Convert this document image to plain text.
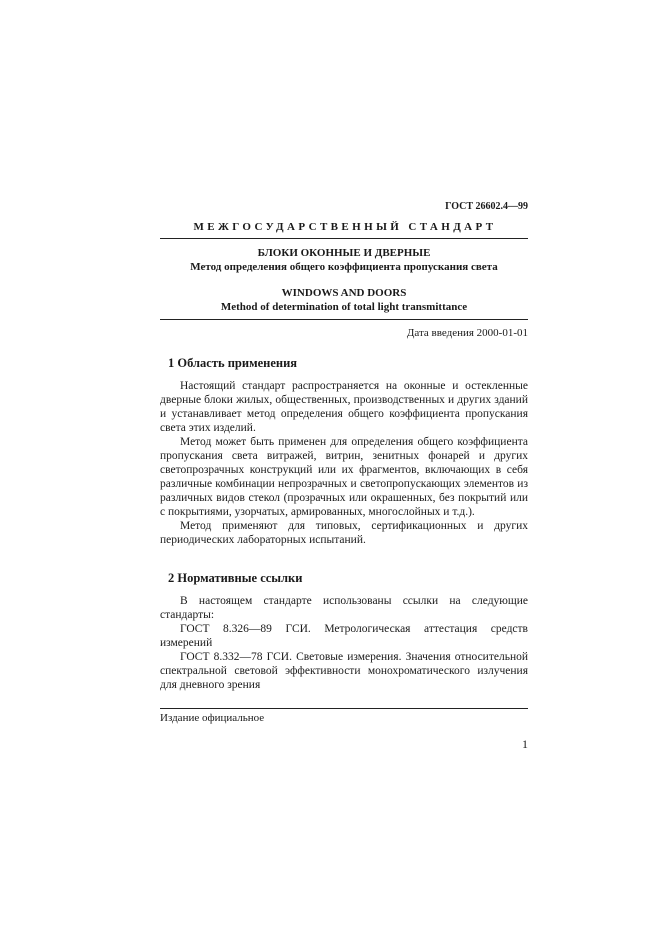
ГОСТ 26602.4—99
МЕЖГОСУДАРСТВЕННЫЙ СТАНДАРТ
БЛОКИ ОКОННЫЕ И ДВЕРНЫЕ
Метод определения общего коэффициента пропускания света
WINDOWS AND DOORS
Method of determination of total light transmittance
Дата введения 2000-01-01
1 Область применения

Настоящий стандарт распространяется на оконные и остекленные дверные блоки жилых, общественных, производственных и других зданий и устанавливает метод определения общего коэффициента пропускания света этих изделий.

Метод может быть применен для определения общего коэффициента пропускания света витражей, витрин, зенитных фонарей и других светопрозрачных конструкций или их фрагментов, включающих в себя различные комбинации непрозрачных и светопропускающих элементов из различных видов стекол (прозрачных или окрашенных, без покрытий или с покрытиями, узорчатых, армированных, многослойных и т.д.).

Метод применяют для типовых, сертификационных и других периодических лабораторных испытаний.

2 Нормативные ссылки

В настоящем стандарте использованы ссылки на следующие стандарты:

ГОСТ 8.326—89 ГСИ. Метрологическая аттестация средств измерений

ГОСТ 8.332—78 ГСИ. Световые измерения. Значения относительной спектральной световой эффективности монохроматического излучения для дневного зрения

Издание официальное
1
